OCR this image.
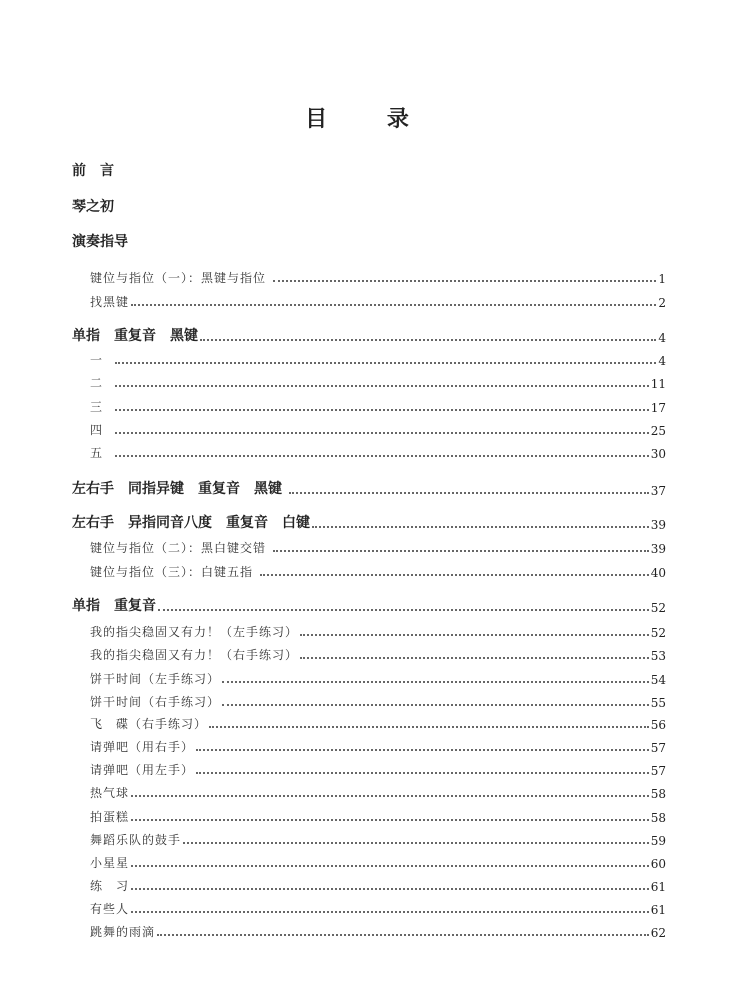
目 录
前　言
琴之初
演奏指导
键位与指位（一）：黑键与指位	1
找黑键	2
单指　重复音　黑键	4
一	4
二	11
三	17
四	25
五	30
左右手　同指异键　重复音　黑键	37
左右手　异指同音八度　重复音　白键	39
键位与指位（二）：黑白键交错	39
键位与指位（三）：白键五指	40
单指　重复音	52
我的指尖稳固又有力！（左手练习）	52
我的指尖稳固又有力！（右手练习）	53
饼干时间（左手练习）	54
饼干时间（右手练习）	55
飞　碟（右手练习）	56
请弹吧（用右手）	57
请弹吧（用左手）	57
热气球	58
拍蛋糕	58
舞蹈乐队的鼓手	59
小星星	60
练　习	61
有些人	61
跳舞的雨滴	62
